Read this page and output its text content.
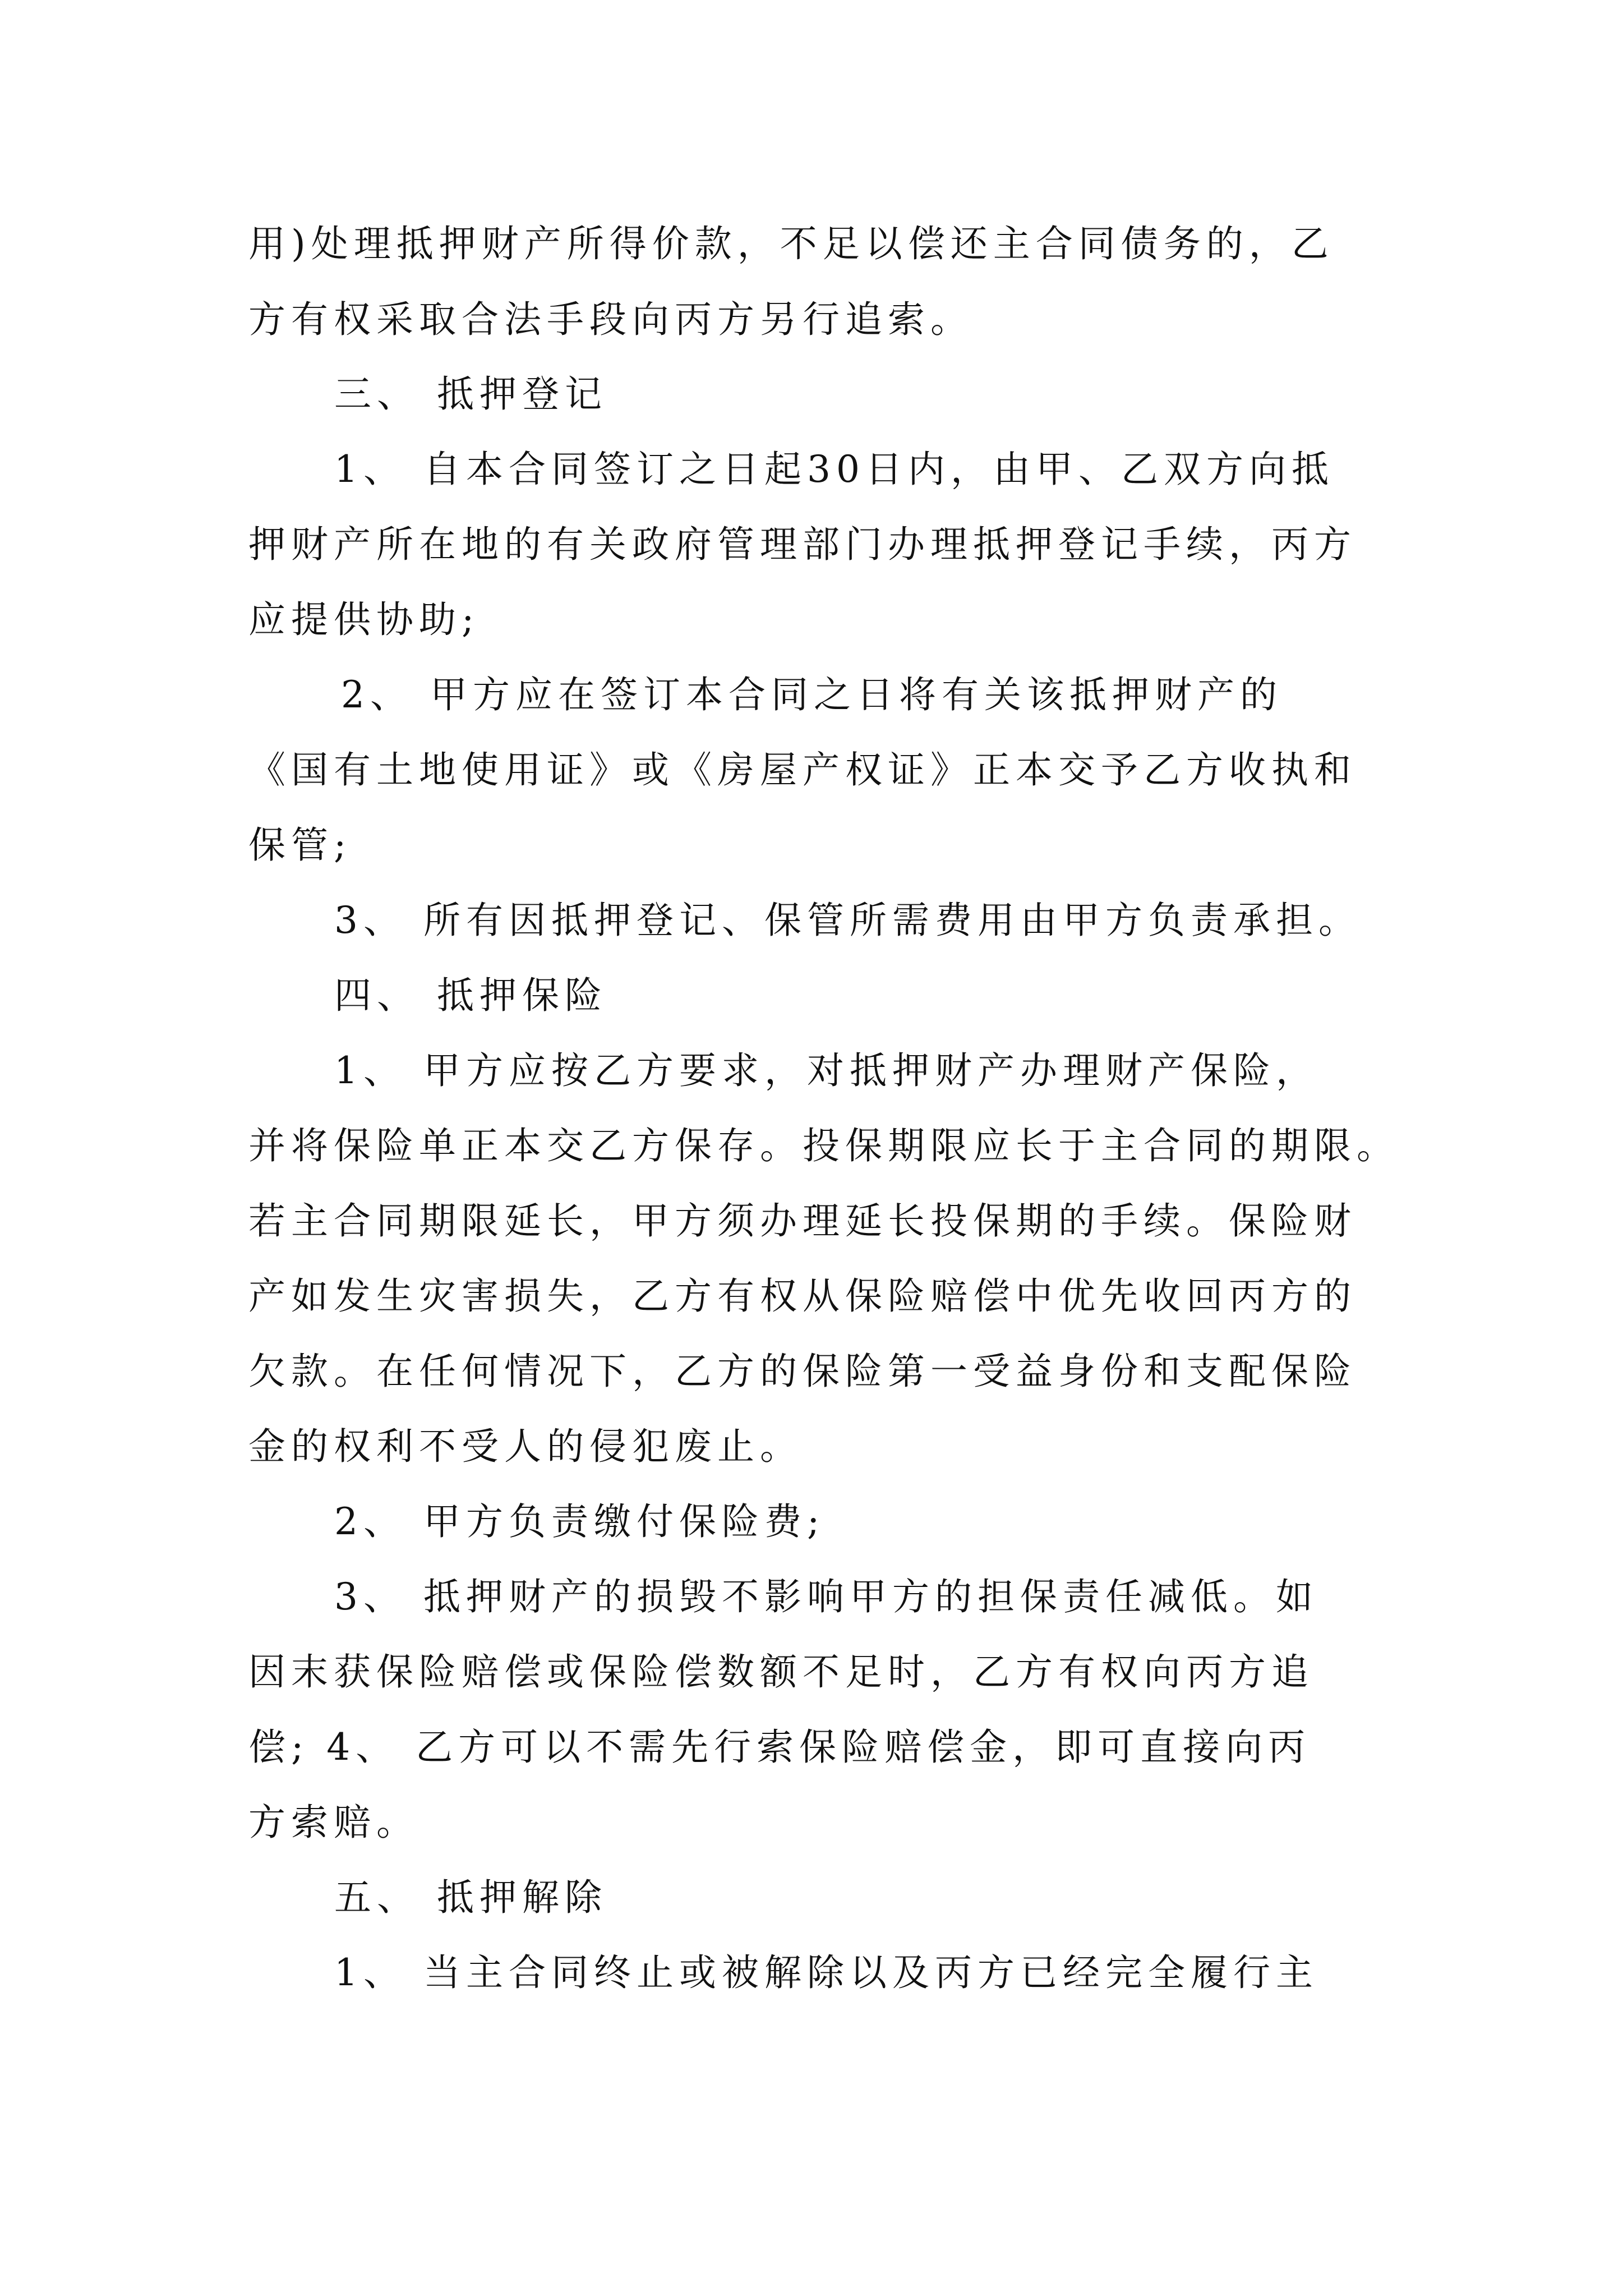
用)处理抵押财产所得价款，不足以偿还主合同债务的，乙
方有权采取合法手段向丙方另行追索。
三、 抵押登记
1、 自本合同签订之日起30日内，由甲、乙双方向抵
押财产所在地的有关政府管理部门办理抵押登记手续，丙方
应提供协助;
2、 甲方应在签订本合同之日将有关该抵押财产的
《国有土地使用证》或《房屋产权证》正本交予乙方收执和
保管;
3、 所有因抵押登记、保管所需费用由甲方负责承担。
四、 抵押保险
1、 甲方应按乙方要求，对抵押财产办理财产保险，
并将保险单正本交乙方保存。投保期限应长于主合同的期限。
若主合同期限延长，甲方须办理延长投保期的手续。保险财
产如发生灾害损失，乙方有权从保险赔偿中优先收回丙方的
欠款。在任何情况下，乙方的保险第一受益身份和支配保险
金的权利不受人的侵犯废止。
2、 甲方负责缴付保险费;
3、 抵押财产的损毁不影响甲方的担保责任减低。如
因末获保险赔偿或保险偿数额不足时，乙方有权向丙方追
偿; 4、 乙方可以不需先行索保险赔偿金，即可直接向丙
方索赔。
五、 抵押解除
1、 当主合同终止或被解除以及丙方已经完全履行主
